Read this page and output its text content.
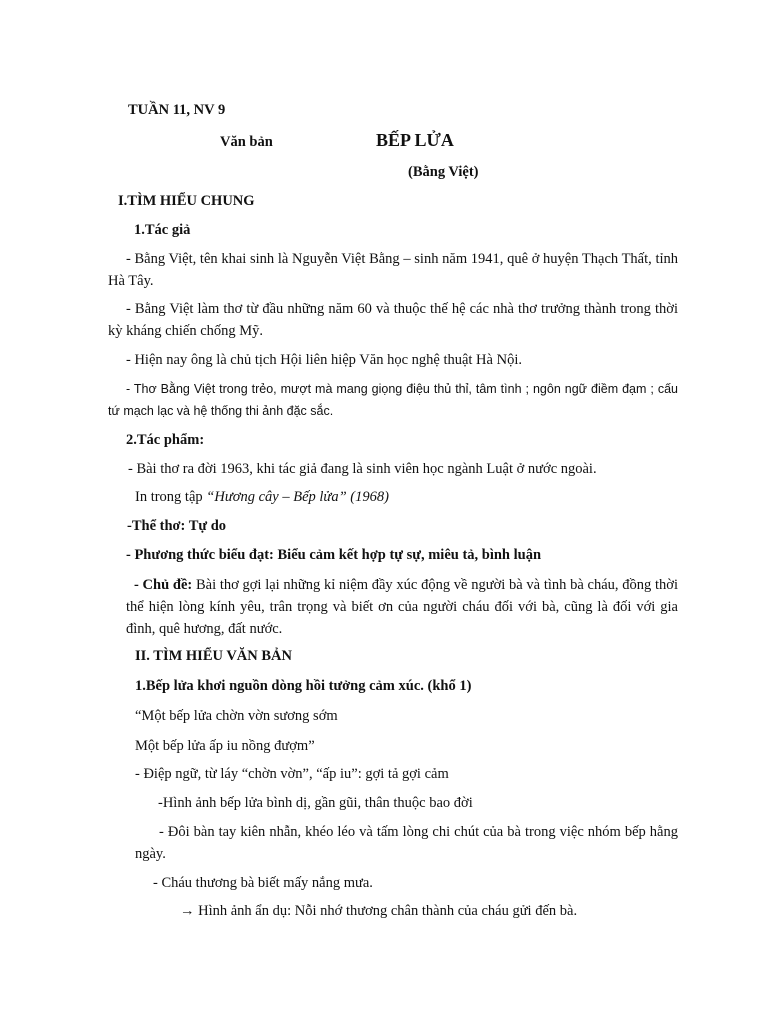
TUẦN 11, NV 9
Văn bản	BẾP LỬA
(Bằng Việt)
I.TÌM HIỂU CHUNG
1.Tác giả
- Bằng Việt, tên khai sinh là Nguyễn Việt Bằng – sinh năm 1941, quê ở huyện Thạch Thất, tỉnh Hà Tây.
- Bằng Việt làm thơ từ đầu những năm 60 và thuộc thế hệ các nhà thơ trưởng thành trong thời kỳ kháng chiến chống Mỹ.
- Hiện nay ông là chủ tịch Hội liên hiệp Văn học nghệ thuật Hà Nội.
- Thơ Bằng Việt trong trẻo, mượt mà mang giọng điệu thủ thỉ, tâm tình ; ngôn ngữ điềm đạm ; cấu tứ mạch lạc và hệ thống thi ảnh đặc sắc.
2.Tác phẩm:
- Bài thơ ra đời 1963, khi tác giả đang là sinh viên học ngành Luật ở nước ngoài.
In trong tập “Hương cây – Bếp lửa” (1968)
-Thể thơ: Tự do
- Phương thức biểu đạt: Biểu cảm kết hợp tự sự, miêu tả, bình luận
- Chủ đề: Bài thơ gợi lại những kỉ niệm đầy xúc động về người bà và tình bà cháu, đồng thời thể hiện lòng kính yêu, trân trọng và biết ơn của người cháu đối với bà, cũng là đối với gia đình, quê hương, đất nước.
II. TÌM HIỂU VĂN BẢN
1.Bếp lửa khơi nguồn dòng hồi tưởng cảm xúc. (khổ 1)
“Một bếp lửa chờn vờn sương sớm
Một bếp lửa ấp iu nồng đượm”
- Điệp ngữ, từ láy “chờn vờn”, “ấp iu”: gợi tả gợi cảm
-Hình ảnh bếp lửa bình dị, gần gũi, thân thuộc bao đời
- Đôi bàn tay kiên nhẫn, khéo léo và tấm lòng chi chút của bà trong việc nhóm bếp hằng ngày.
- Cháu thương bà biết mấy nắng mưa.
→ Hình ảnh ẩn dụ: Nỗi nhớ thương chân thành của cháu gửi đến bà.
